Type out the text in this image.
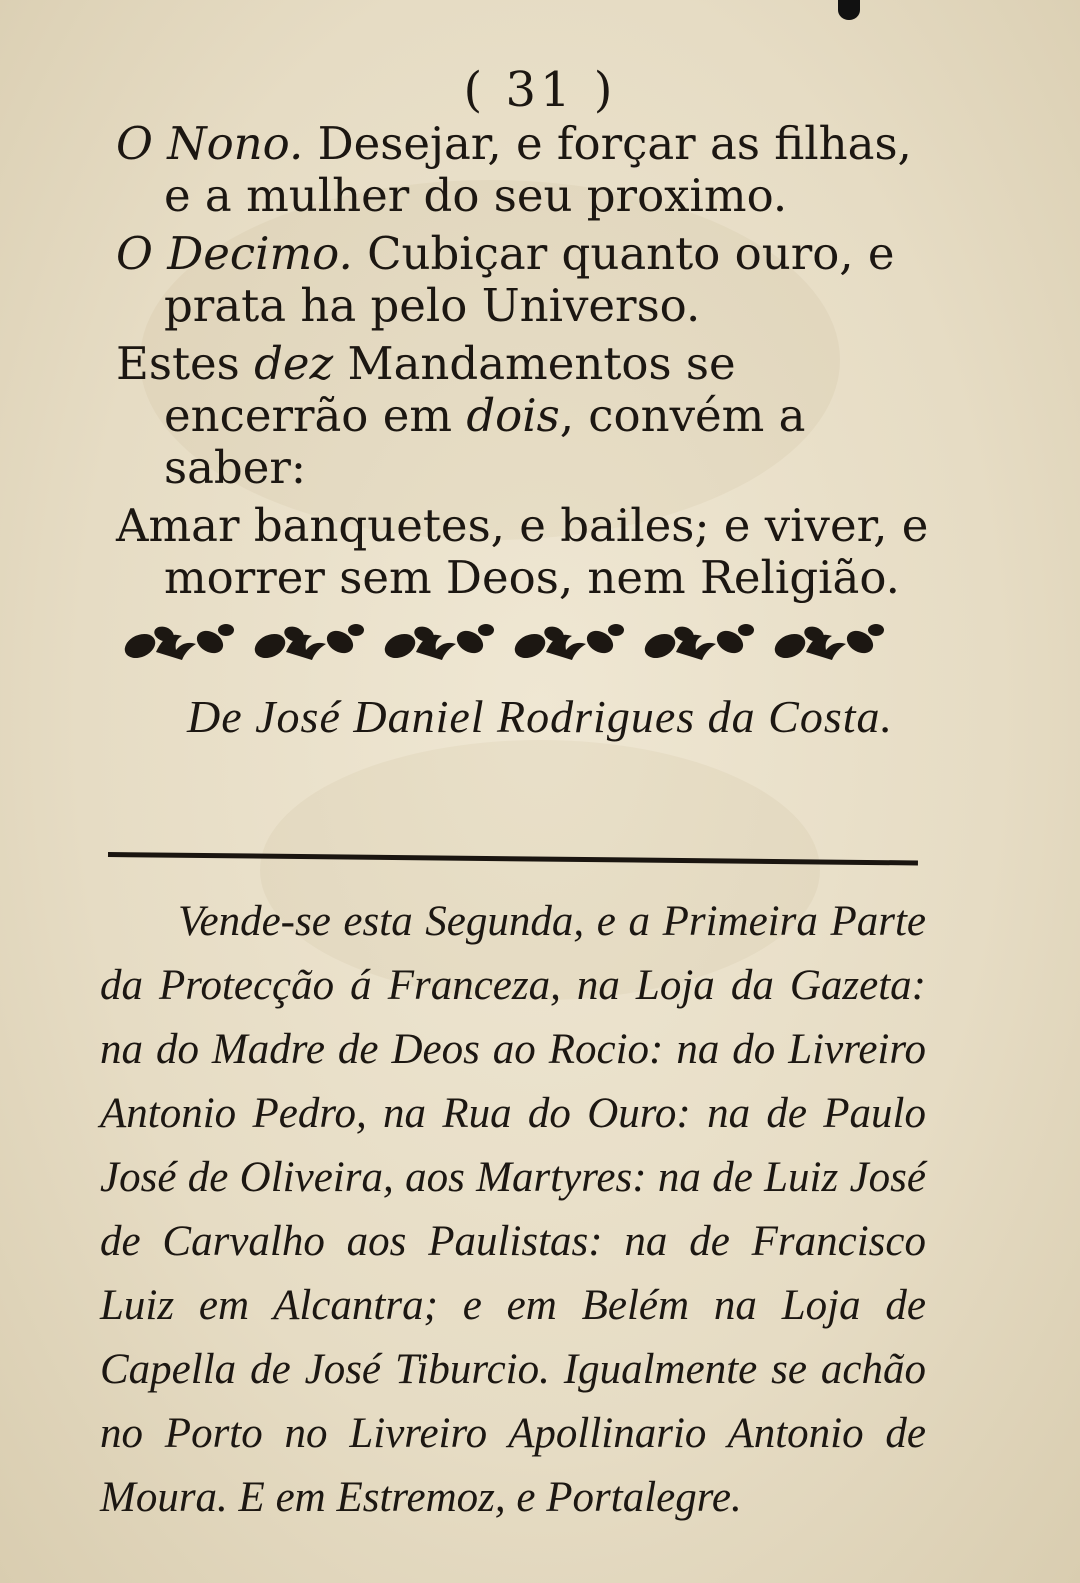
( 31 )

O Nono. Desejar, e forçar as filhas, e a mulher do seu proximo.

O Decimo. Cubiçar quanto ouro, e prata ha pelo Universo.

Estes dez Mandamentos se encerrão em dois, convém a saber:

Amar banquetes, e bailes; e viver, e morrer sem Deos, nem Religião.

De José Daniel Rodrigues da Costa.

Vende-se esta Segunda, e a Primeira Parte da Protecção á Franceza, na Loja da Gazeta: na do Madre de Deos ao Rocio: na do Livreiro Antonio Pedro, na Rua do Ouro: na de Paulo José de Oliveira, aos Martyres: na de Luiz José de Carvalho aos Paulistas: na de Francisco Luiz em Alcantra; e em Belém na Loja de Capella de José Tiburcio. Igualmente se achão no Porto no Livreiro Apollinario Antonio de Moura. E em Estremoz, e Portalegre.
